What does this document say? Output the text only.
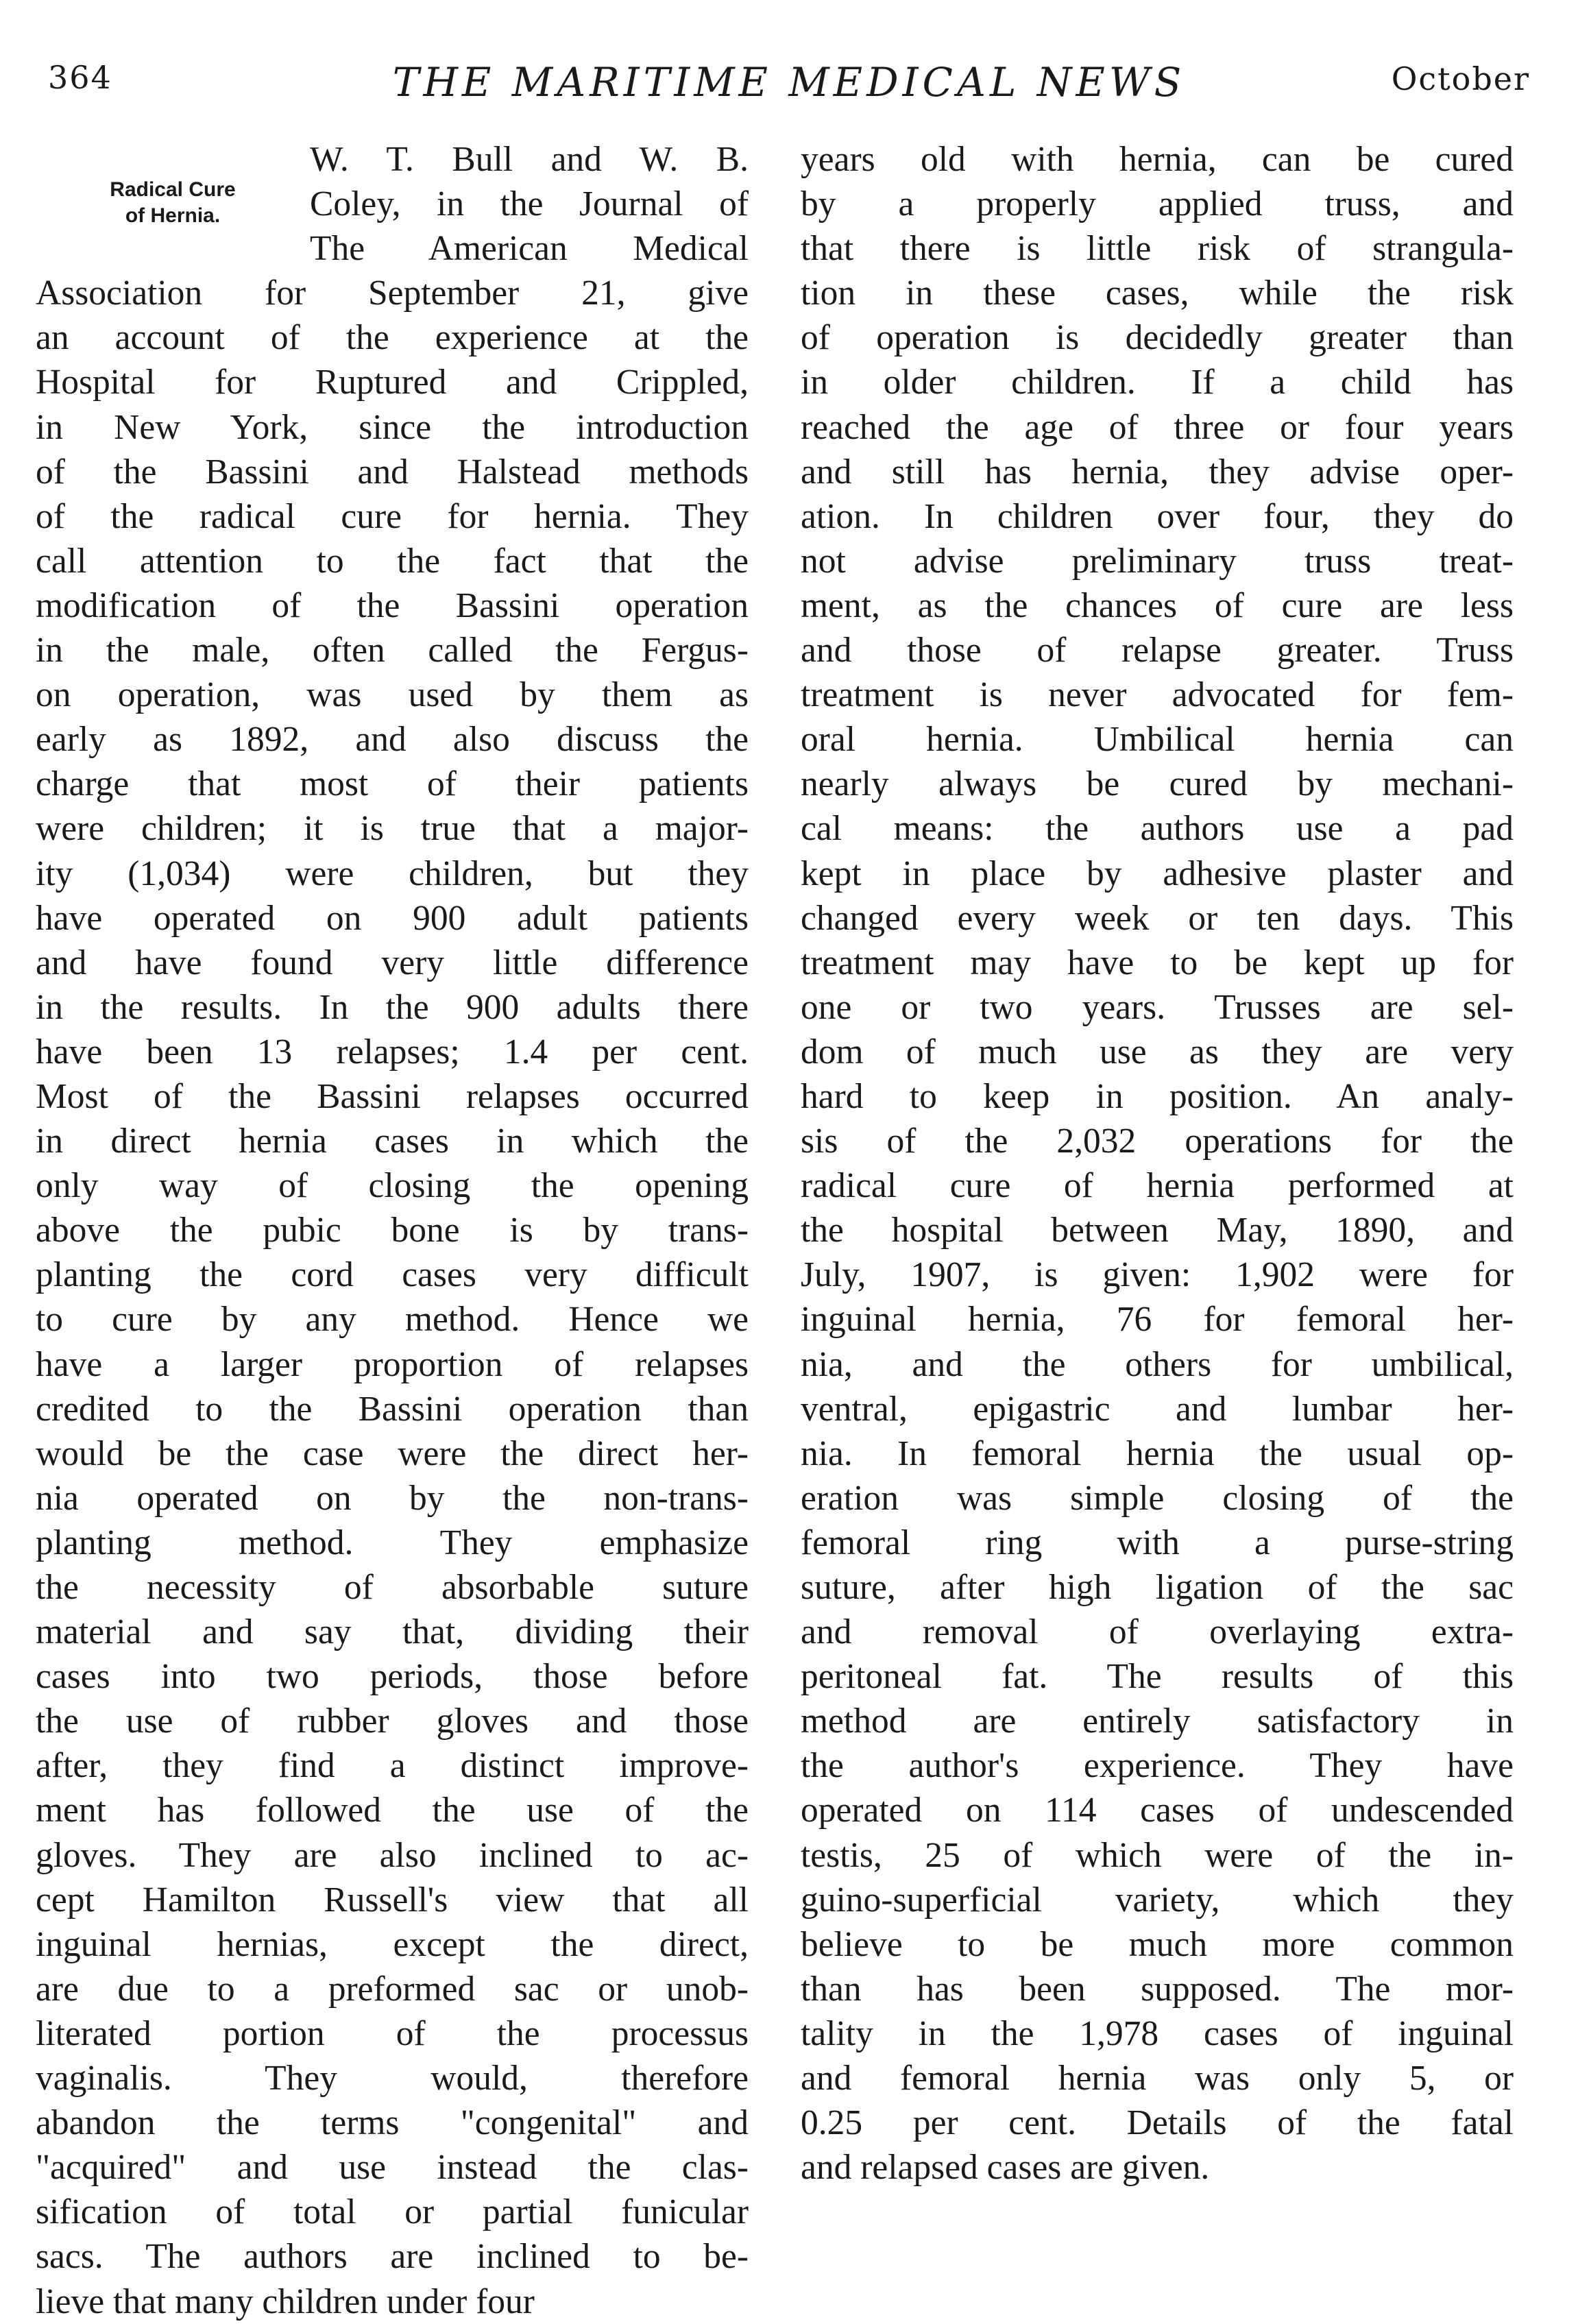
364	THE MARITIME MEDICAL NEWS	October
Radical Cure
of Hernia.
W. T. Bull and W. B.
Coley, in the Journal of
The American Medical
Association for September 21, give
an account of the experience at the
Hospital for Ruptured and Crippled,
in New York, since the introduction
of the Bassini and Halstead methods
of the radical cure for hernia. They
call attention to the fact that the
modification of the Bassini operation
in the male, often called the Fergus-
on operation, was used by them as
early as 1892, and also discuss the
charge that most of their patients
were children; it is true that a major-
ity (1,034) were children, but they
have operated on 900 adult patients
and have found very little difference
in the results. In the 900 adults there
have been 13 relapses; 1.4 per cent.
Most of the Bassini relapses occurred
in direct hernia cases in which the
only way of closing the opening
above the pubic bone is by trans-
planting the cord cases very difficult
to cure by any method. Hence we
have a larger proportion of relapses
credited to the Bassini operation than
would be the case were the direct her-
nia operated on by the non-trans-
planting method. They emphasize
the necessity of absorbable suture
material and say that, dividing their
cases into two periods, those before
the use of rubber gloves and those
after, they find a distinct improve-
ment has followed the use of the
gloves. They are also inclined to ac-
cept Hamilton Russell's view that all
inguinal hernias, except the direct,
are due to a preformed sac or unob-
literated portion of the processus
vaginalis. They would, therefore
abandon the terms "congenital" and
"acquired" and use instead the clas-
sification of total or partial funicular
sacs. The authors are inclined to be-
lieve that many children under four
years old with hernia, can be cured
by a properly applied truss, and
that there is little risk of strangula-
tion in these cases, while the risk
of operation is decidedly greater than
in older children. If a child has
reached the age of three or four years
and still has hernia, they advise oper-
ation. In children over four, they do
not advise preliminary truss treat-
ment, as the chances of cure are less
and those of relapse greater. Truss
treatment is never advocated for fem-
oral hernia. Umbilical hernia can
nearly always be cured by mechani-
cal means: the authors use a pad
kept in place by adhesive plaster and
changed every week or ten days. This
treatment may have to be kept up for
one or two years. Trusses are sel-
dom of much use as they are very
hard to keep in position. An analy-
sis of the 2,032 operations for the
radical cure of hernia performed at
the hospital between May, 1890, and
July, 1907, is given: 1,902 were for
inguinal hernia, 76 for femoral her-
nia, and the others for umbilical,
ventral, epigastric and lumbar her-
nia. In femoral hernia the usual op-
eration was simple closing of the
femoral ring with a purse-string
suture, after high ligation of the sac
and removal of overlaying extra-
peritoneal fat. The results of this
method are entirely satisfactory in
the author's experience. They have
operated on 114 cases of undescended
testis, 25 of which were of the in-
guino-superficial variety, which they
believe to be much more common
than has been supposed. The mor-
tality in the 1,978 cases of inguinal
and femoral hernia was only 5, or
0.25 per cent. Details of the fatal
and relapsed cases are given.
